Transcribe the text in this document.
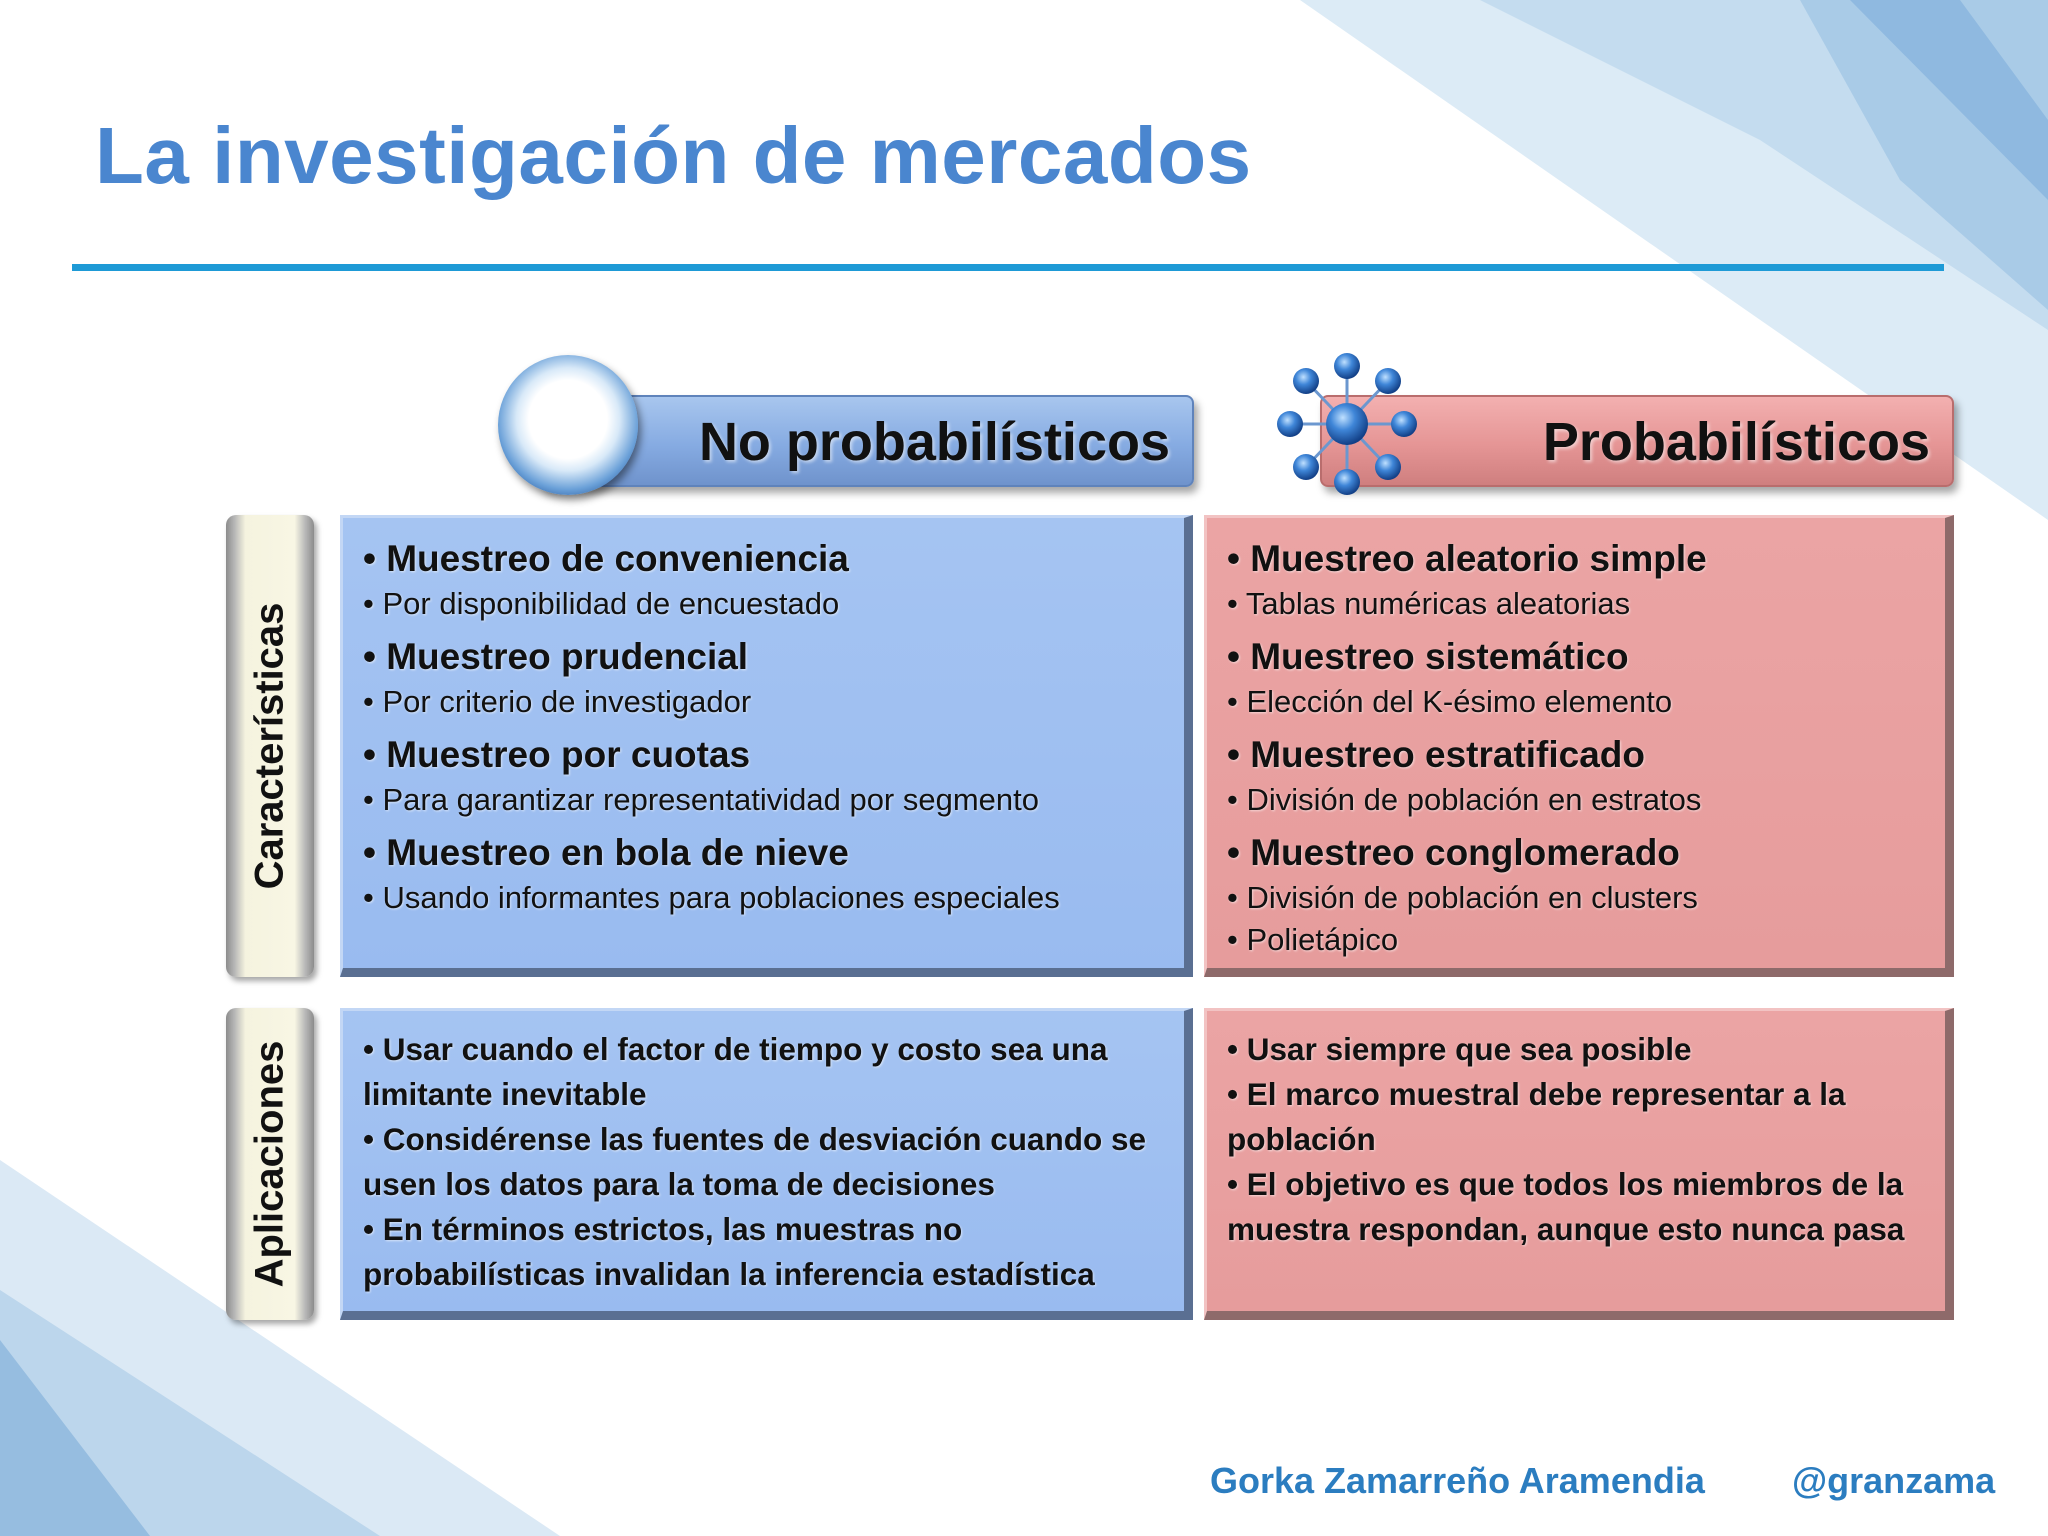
La investigación de mercados
No probabilísticos	Probabilísticos
Características
Aplicaciones
• Muestreo de conveniencia
• Por disponibilidad de encuestado
• Muestreo prudencial
• Por criterio de investigador
• Muestreo por cuotas
• Para garantizar representatividad por segmento
• Muestreo en bola de nieve
• Usando informantes para poblaciones especiales
• Muestreo aleatorio simple
• Tablas numéricas aleatorias
• Muestreo sistemático
• Elección del K-ésimo elemento
• Muestreo estratificado
• División de población en estratos
• Muestreo conglomerado
• División de población en clusters
• Polietápico
• Usar cuando el factor de tiempo y costo sea una limitante inevitable
• Considérense las fuentes de desviación cuando se usen los datos para la toma de decisiones
• En términos estrictos, las muestras no probabilísticas invalidan la inferencia estadística
• Usar siempre que sea posible
• El marco muestral debe representar a la población
• El objetivo es que todos los miembros de la muestra respondan, aunque esto nunca pasa
Gorka Zamarreño Aramendia @granzama
